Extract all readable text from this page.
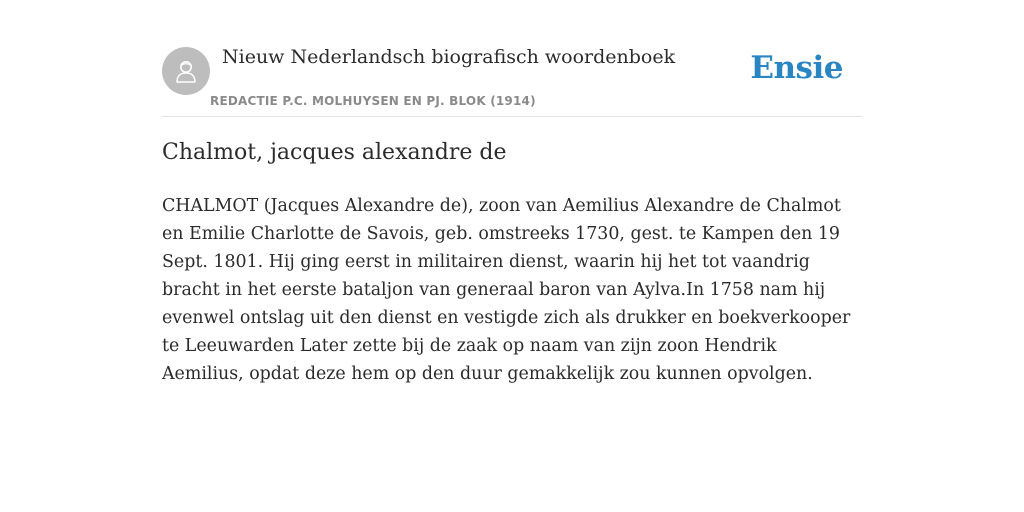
Nieuw Nederlandsch biografisch woordenboek
REDACTIE P.C. MOLHUYSEN EN PJ. BLOK (1914)
Ensie
Chalmot, jacques alexandre de

CHALMOT (Jacques Alexandre de), zoon van Aemilius Alexandre de Chalmot en Emilie Charlotte de Savois, geb. omstreeks 1730, gest. te Kampen den 19 Sept. 1801. Hij ging eerst in militairen dienst, waarin hij het tot vaandrig bracht in het eerste bataljon van generaal baron van Aylva.In 1758 nam hij evenwel ontslag uit den dienst en vestigde zich als drukker en boekverkooper te Leeuwarden Later zette bij de zaak op naam van zijn zoon Hendrik Aemilius, opdat deze hem op den duur gemakkelijk zou kunnen opvolgen.
